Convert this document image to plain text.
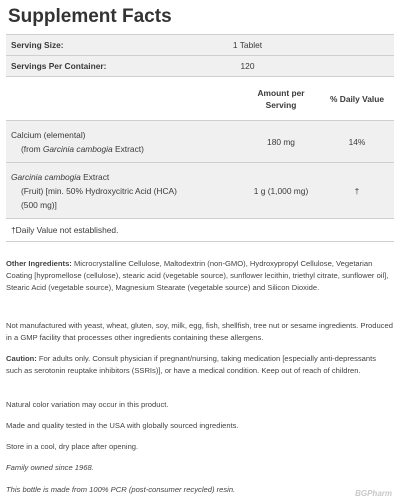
Supplement Facts
Serving Size:	1 Tablet
Servings Per Container:	120
Amount per
Serving
% Daily Value
Calcium (elemental)
(from Garcinia cambogia Extract)
180 mg	14%
Garcinia cambogia Extract
(Fruit) [min. 50% Hydroxycitric Acid (HCA)
(500 mg)]
1 g (1,000 mg)	†
†Daily Value not established.

Other Ingredients: Microcrystalline Cellulose, Maltodextrin (non-GMO), Hydroxypropyl Cellulose, Vegetarian Coating [hypromellose (cellulose), stearic acid (vegetable source), sunflower lecithin, triethyl citrate, sunflower oil], Stearic Acid (vegetable source), Magnesium Stearate (vegetable source) and Silicon Dioxide.

Not manufactured with yeast, wheat, gluten, soy, milk, egg, fish, shellfish, tree nut or sesame ingredients. Produced in a GMP facility that processes other ingredients containing these allergens.

Caution: For adults only. Consult physician if pregnant/nursing, taking medication [especially anti-depressants such as serotonin reuptake inhibitors (SSRIs)], or have a medical condition. Keep out of reach of children.

Natural color variation may occur in this product.

Made and quality tested in the USA with globally sourced ingredients.

Store in a cool, dry place after opening.

Family owned since 1968.

This bottle is made from 100% PCR (post-consumer recycled) resin.	BGPharm
